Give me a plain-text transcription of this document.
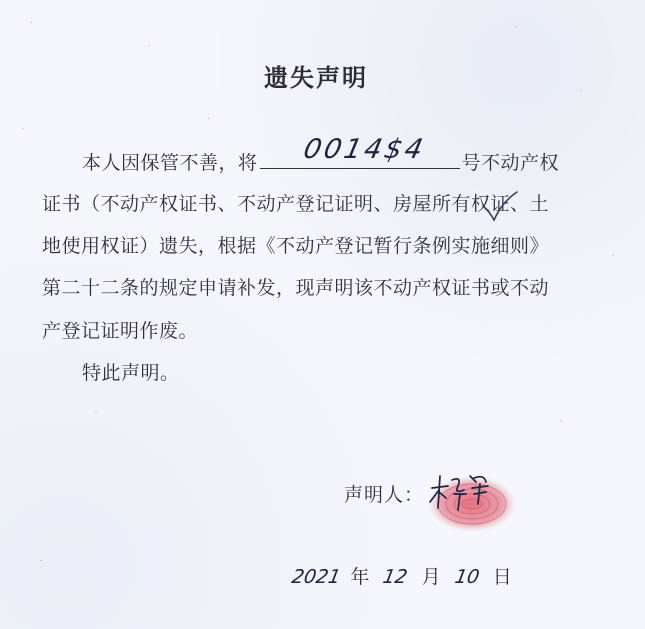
遗失声明
本人因保管不善，将 0014$4 号不动产权
证书（不动产权证书、不动产登记证明、房屋所有权证、土
地使用权证）遗失，根据《不动产登记暂行条例实施细则》
第二十二条的规定申请补发，现声明该不动产权证书或不动
产登记证明作废。
特此声明。
声明人：
2021 年 12 月 10 日
